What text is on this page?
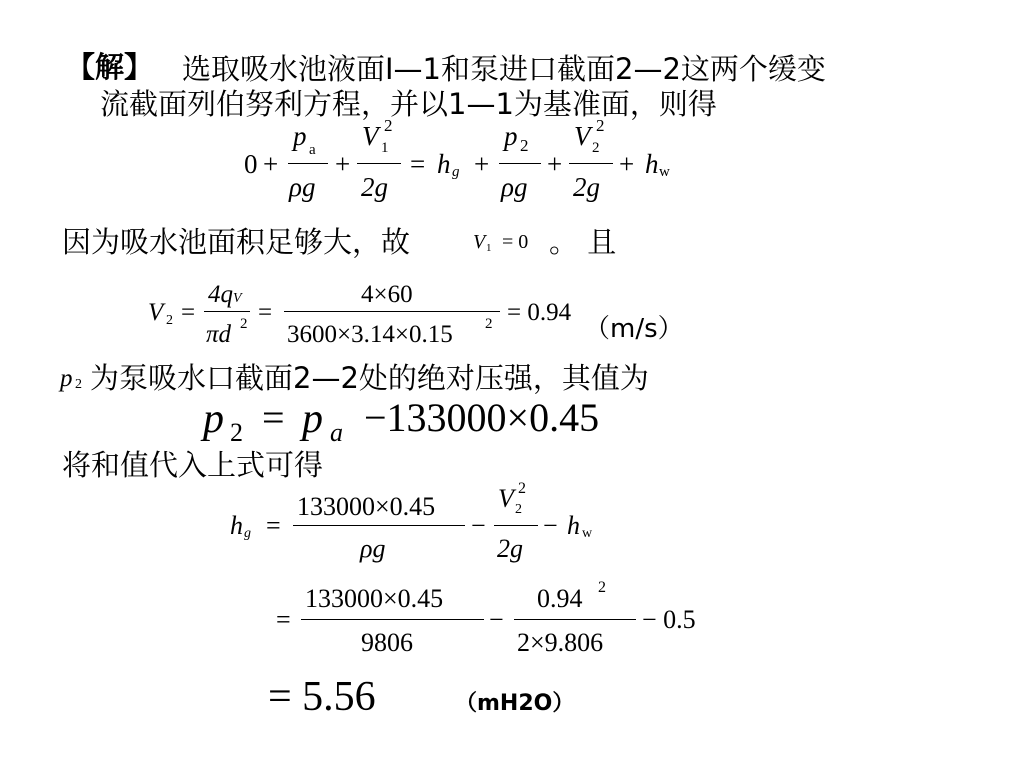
【解】 选取吸水池液面I—1和泵进口截面2—2这两个缓变
流截面列伯努利方程，并以1—1为基准面，则得
0 +
p a
ρg
+
V 2
1
2g
= h g +
p 2
ρg
+
V 2
2
2g
+ h w
因为吸水池面积足够大，故	V 1 = 0 。 且
V 2 =
4qV
πd 2 =
4×60
3600×3.14×0.15 2 = 0.94
（m/s）
p 2 为泵吸水口截面2—2处的绝对压强，其值为
p 2 = p a −133000×0.45
将和值代入上式可得
h g =
133000×0.45
ρg
−
V 2
2
2g
− h w
=
133000×0.45
9806
−
0.94 2
2×9.806
− 0.5
= 5.56	（mH2O）
